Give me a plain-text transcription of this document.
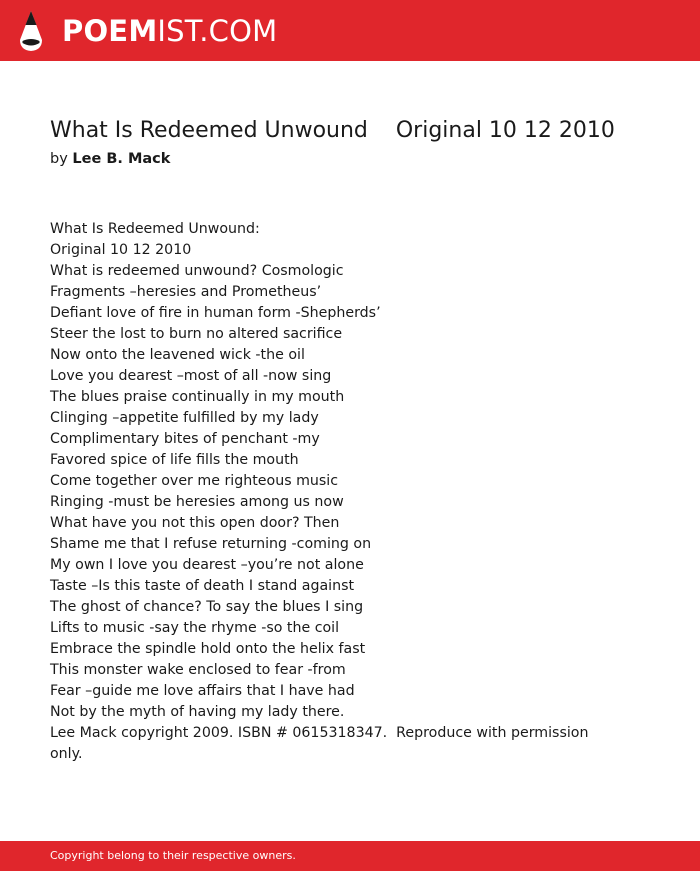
POEMIST.COM
What Is Redeemed Unwound    Original 10 12 2010
by Lee B. Mack
What Is Redeemed Unwound:
Original 10 12 2010
What is redeemed unwound? Cosmologic
Fragments –heresies and Prometheus’
Defiant love of fire in human form -Shepherds’
Steer the lost to burn no altered sacrifice
Now onto the leavened wick -the oil
Love you dearest –most of all -now sing
The blues praise continually in my mouth
Clinging –appetite fulfilled by my lady
Complimentary bites of penchant -my
Favored spice of life fills the mouth
Come together over me righteous music
Ringing -must be heresies among us now
What have you not this open door? Then
Shame me that I refuse returning -coming on
My own I love you dearest –you’re not alone
Taste –Is this taste of death I stand against
The ghost of chance? To say the blues I sing
Lifts to music -say the rhyme -so the coil
Embrace the spindle hold onto the helix fast
This monster wake enclosed to fear -from
Fear –guide me love affairs that I have had
Not by the myth of having my lady there.
Lee Mack copyright 2009. ISBN # 0615318347.  Reproduce with permission
only.
Copyright belong to their respective owners.
